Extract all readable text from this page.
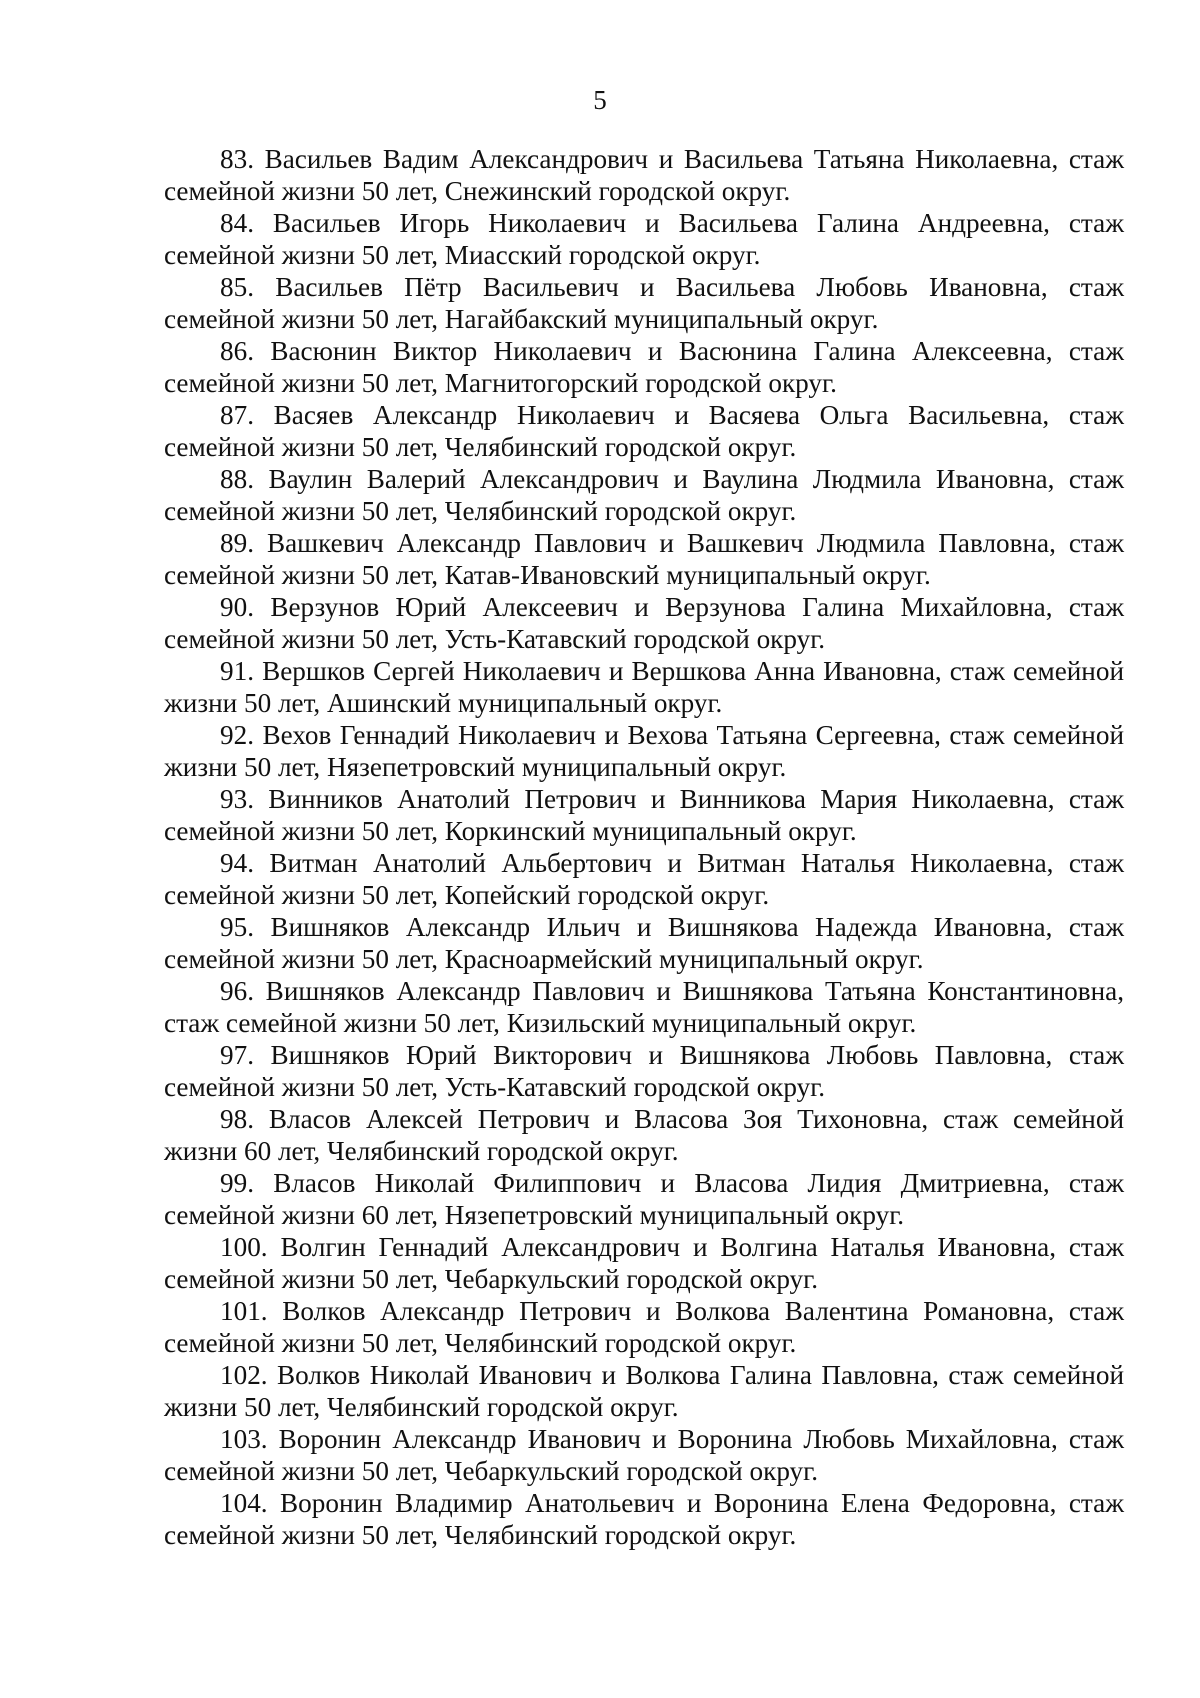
5

83. Васильев Вадим Александрович и Васильева Татьяна Николаевна, стаж семейной жизни 50 лет, Снежинский городской округ.

84. Васильев Игорь Николаевич и Васильева Галина Андреевна, стаж семейной жизни 50 лет, Миасский городской округ.

85. Васильев Пётр Васильевич и Васильева Любовь Ивановна, стаж семейной жизни 50 лет, Нагайбакский муниципальный округ.

86. Васюнин Виктор Николаевич и Васюнина Галина Алексеевна, стаж семейной жизни 50 лет, Магнитогорский городской округ.

87. Васяев Александр Николаевич и Васяева Ольга Васильевна, стаж семейной жизни 50 лет, Челябинский городской округ.

88. Ваулин Валерий Александрович и Ваулина Людмила Ивановна, стаж семейной жизни 50 лет, Челябинский городской округ.

89. Вашкевич Александр Павлович и Вашкевич Людмила Павловна, стаж семейной жизни 50 лет, Катав-Ивановский муниципальный округ.

90. Верзунов Юрий Алексеевич и Верзунова Галина Михайловна, стаж семейной жизни 50 лет, Усть-Катавский городской округ.

91. Вершков Сергей Николаевич и Вершкова Анна Ивановна, стаж семейной жизни 50 лет, Ашинский муниципальный округ.

92. Вехов Геннадий Николаевич и Вехова Татьяна Сергеевна, стаж семейной жизни 50 лет, Нязепетровский муниципальный округ.

93. Винников Анатолий Петрович и Винникова Мария Николаевна, стаж семейной жизни 50 лет, Коркинский муниципальный округ.

94. Витман Анатолий Альбертович и Витман Наталья Николаевна, стаж семейной жизни 50 лет, Копейский городской округ.

95. Вишняков Александр Ильич и Вишнякова Надежда Ивановна, стаж семейной жизни 50 лет, Красноармейский муниципальный округ.

96. Вишняков Александр Павлович и Вишнякова Татьяна Константиновна, стаж семейной жизни 50 лет, Кизильский муниципальный округ.

97. Вишняков Юрий Викторович и Вишнякова Любовь Павловна, стаж семейной жизни 50 лет, Усть-Катавский городской округ.

98. Власов Алексей Петрович и Власова Зоя Тихоновна, стаж семейной жизни 60 лет, Челябинский городской округ.

99. Власов Николай Филиппович и Власова Лидия Дмитриевна, стаж семейной жизни 60 лет, Нязепетровский муниципальный округ.

100. Волгин Геннадий Александрович и Волгина Наталья Ивановна, стаж семейной жизни 50 лет, Чебаркульский городской округ.

101. Волков Александр Петрович и Волкова Валентина Романовна, стаж семейной жизни 50 лет, Челябинский городской округ.

102. Волков Николай Иванович и Волкова Галина Павловна, стаж семейной жизни 50 лет, Челябинский городской округ.

103. Воронин Александр Иванович и Воронина Любовь Михайловна, стаж семейной жизни 50 лет, Чебаркульский городской округ.

104. Воронин Владимир Анатольевич и Воронина Елена Федоровна, стаж семейной жизни 50 лет, Челябинский городской округ.
